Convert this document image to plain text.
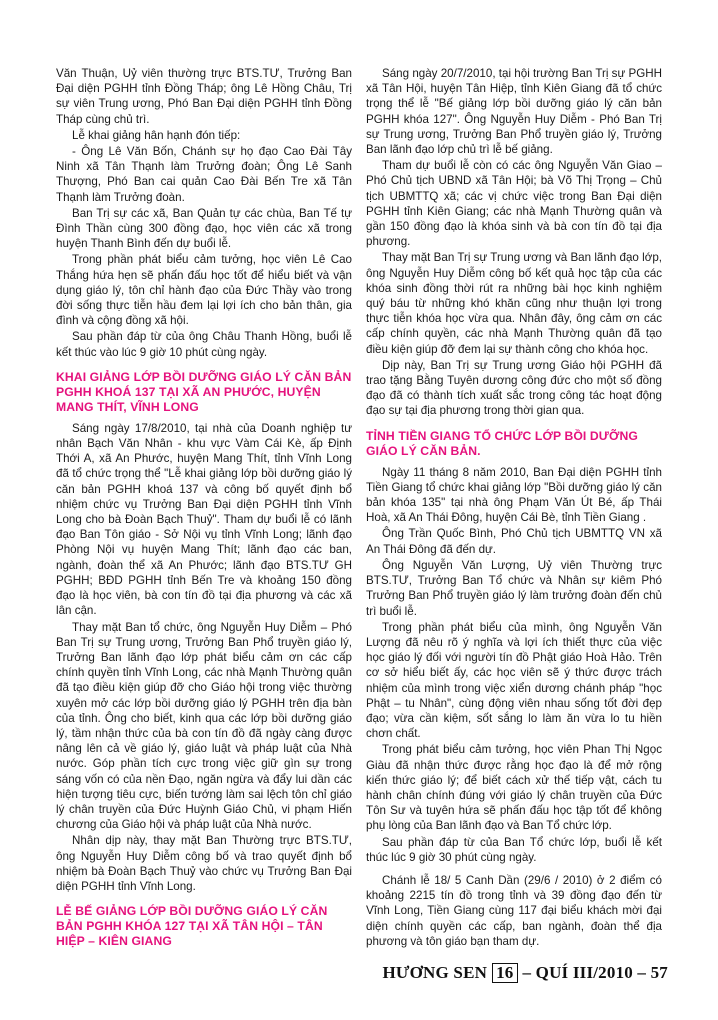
Văn Thuận, Uỷ viên thường trực BTS.TƯ, Trưởng Ban Đại diện PGHH tỉnh Đồng Tháp; ông Lê Hồng Châu, Trị sự viên Trung ương, Phó Ban Đại diện PGHH tỉnh Đồng Tháp cùng chủ trì.

Lễ khai giảng hân hạnh đón tiếp:

- Ông Lê Văn Bốn, Chánh sự họ đạo Cao Đài Tây Ninh xã Tân Thạnh làm Trưởng đoàn; Ông Lê Sanh Thượng, Phó Ban cai quản Cao Đài Bến Tre xã Tân Thạnh làm Trưởng đoàn.

Ban Trị sự các xã, Ban Quản tự các chùa, Ban Tế tự Đình Thần cùng 300 đồng đạo, học viên các xã trong huyện Thanh Bình đến dự buổi lễ.

Trong phần phát biểu cảm tưởng, học viên Lê Cao Thắng hứa hẹn sẽ phấn đấu học tốt để hiểu biết và vận dụng giáo lý, tôn chỉ hành đạo của Đức Thầy vào trong đời sống thực tiễn hầu đem lại lợi ích cho bản thân, gia đình và cộng đồng xã hội.

Sau phần đáp từ của ông Châu Thanh Hồng, buổi lễ kết thúc vào lúc 9 giờ 10 phút cùng ngày.

KHAI GIẢNG LỚP BỒI DƯỠNG GIÁO LÝ CĂN BẢN PGHH KHOÁ 137 TẠI XÃ AN PHƯỚC, HUYỆN MANG THÍT, VĨNH LONG

Sáng ngày 17/8/2010, tại nhà của Doanh nghiệp tư nhân Bạch Văn Nhân - khu vực Vàm Cái Kè, ấp Định Thới A, xã An Phước, huyện Mang Thít, tỉnh Vĩnh Long đã tổ chức trọng thể "Lễ khai giảng lớp bồi dưỡng giáo lý căn bản PGHH khoá 137 và công bố quyết định bổ nhiệm chức vụ Trưởng Ban Đại diện PGHH tỉnh Vĩnh Long cho bà Đoàn Bạch Thuỷ". Tham dự buổi lễ có lãnh đạo Ban Tôn giáo - Sở Nội vụ tỉnh Vĩnh Long; lãnh đạo Phòng Nội vụ huyện Mang Thít; lãnh đạo các ban, ngành, đoàn thể xã An Phước; lãnh đạo BTS.TƯ GH PGHH; BĐD PGHH tỉnh Bến Tre và khoảng 150 đồng đạo là học viên, bà con tín đồ tại địa phương và các xã lân cận.

Thay mặt Ban tổ chức, ông Nguyễn Huy Diễm – Phó Ban Trị sự Trung ương, Trưởng Ban Phổ truyền giáo lý, Trưởng Ban lãnh đạo lớp phát biểu cảm ơn các cấp chính quyền tỉnh Vĩnh Long, các nhà Mạnh Thường quân đã tạo điều kiện giúp đỡ cho Giáo hội trong việc thường xuyên mở các lớp bồi dưỡng giáo lý PGHH trên địa bàn của tỉnh. Ông cho biết, kinh qua các lớp bồi dưỡng giáo lý, tầm nhận thức của bà con tín đồ đã ngày càng được nâng lên cả về giáo lý, giáo luật và pháp luật của Nhà nước. Góp phần tích cực trong việc giữ gìn sự trong sáng vốn có của nền Đạo, ngăn ngừa và đẩy lui dần các hiện tượng tiêu cực, biến tướng làm sai lệch tôn chỉ giáo lý chân truyền của Đức Huỳnh Giáo Chủ, vi phạm Hiến chương của Giáo hội và pháp luật của Nhà nước.

Nhân dịp này, thay mặt Ban Thường trực BTS.TƯ, ông Nguyễn Huy Diễm công bố và trao quyết định bổ nhiệm bà Đoàn Bạch Thuỷ vào chức vụ Trưởng Ban Đại diện PGHH tỉnh Vĩnh Long.

LỄ BẾ GIẢNG LỚP BỒI DƯỠNG GIÁO LÝ CĂN BẢN PGHH KHÓA 127 TẠI XÃ TÂN HỘI – TÂN HIỆP – KIÊN GIANG

Sáng ngày 20/7/2010, tại hội trường Ban Trị sự PGHH xã Tân Hội, huyện Tân Hiệp, tỉnh Kiên Giang đã tổ chức trọng thể lễ "Bế giảng lớp bồi dưỡng giáo lý căn bản PGHH khóa 127". Ông Nguyễn Huy Diễm - Phó Ban Trị sự Trung ương, Trưởng Ban Phổ truyền giáo lý, Trưởng Ban lãnh đạo lớp chủ trì lễ bế giảng.

Tham dự buổi lễ còn có các ông Nguyễn Văn Giao – Phó Chủ tịch UBND xã Tân Hội; bà Võ Thị Trọng – Chủ tịch UBMTTQ xã; các vị chức việc trong Ban Đại diện PGHH tỉnh Kiên Giang; các nhà Mạnh Thường quân và gần 150 đồng đạo là khóa sinh và bà con tín đồ tại địa phương.

Thay mặt Ban Trị sự Trung ương và Ban lãnh đạo lớp, ông Nguyễn Huy Diễm công bố kết quả học tập của các khóa sinh đồng thời rút ra những bài học kinh nghiệm quý báu từ những khó khăn cũng như thuận lợi trong thực tiễn khóa học vừa qua. Nhân đây, ông cảm ơn các cấp chính quyền, các nhà Mạnh Thường quân đã tạo điều kiện giúp đỡ đem lại sự thành công cho khóa học.

Dịp này, Ban Trị sự Trung ương Giáo hội PGHH đã trao tặng Bằng Tuyên dương công đức cho một số đồng đạo đã có thành tích xuất sắc trong công tác hoạt động đạo sự tại địa phương trong thời gian qua.

TỈNH TIỀN GIANG TỔ CHỨC LỚP BỒI DƯỠNG GIÁO LÝ CĂN BẢN.

Ngày 11 tháng 8 năm 2010, Ban Đại diện PGHH tỉnh Tiền Giang tổ chức khai giảng lớp "Bồi dưỡng giáo lý căn bản khóa 135" tại nhà ông Phạm Văn Út Bé, ấp Thái Hoà, xã An Thái Đông, huyện Cái Bè, tỉnh Tiền Giang .

Ông Trần Quốc Bình, Phó Chủ tịch UBMTTQ VN xã An Thái Đông đã đến dự.

Ông Nguyễn Văn Lượng, Uỷ viên Thường trực BTS.TƯ, Trưởng Ban Tổ chức và Nhân sự kiêm Phó Trưởng Ban Phổ truyền giáo lý làm trưởng đoàn đến chủ trì buổi lễ.

Trong phần phát biểu của mình, ông Nguyễn Văn Lượng đã nêu rõ ý nghĩa và lợi ích thiết thực của việc học giáo lý đối với người tín đồ Phật giáo Hoà Hảo. Trên cơ sở hiểu biết ấy, các học viên sẽ ý thức được trách nhiệm của mình trong việc xiển dương chánh pháp "học Phật – tu Nhân", cùng động viên nhau sống tốt đời đẹp đạo; vừa cần kiệm, sốt sắng lo làm ăn vừa lo tu hiền chơn chất.

Trong phát biểu cảm tưởng, học viên Phan Thị Ngọc Giàu đã nhận thức được rằng học đạo là để mở rộng kiến thức giáo lý; để biết cách xử thế tiếp vật, cách tu hành chân chính đúng với giáo lý chân truyền của Đức Tôn Sư và tuyên hứa sẽ phấn đấu học tập tốt để không phụ lòng của Ban lãnh đạo và Ban Tổ chức lớp.

Sau phần đáp từ của Ban Tổ chức lớp, buổi lễ kết thúc lúc 9 giờ 30 phút cùng ngày.

Chánh lễ 18/ 5 Canh Dần (29/6 / 2010) ở 2 điểm có khoảng 2215 tín đồ trong tỉnh và 39 đồng đạo đến từ Vĩnh Long, Tiền Giang cùng 117 đại biểu khách mời đại diện chính quyền các cấp, ban ngành, đoàn thể địa phương và tôn giáo bạn tham dự.

HƯƠNG SEN 16 – QUÍ III/2010 – 57
